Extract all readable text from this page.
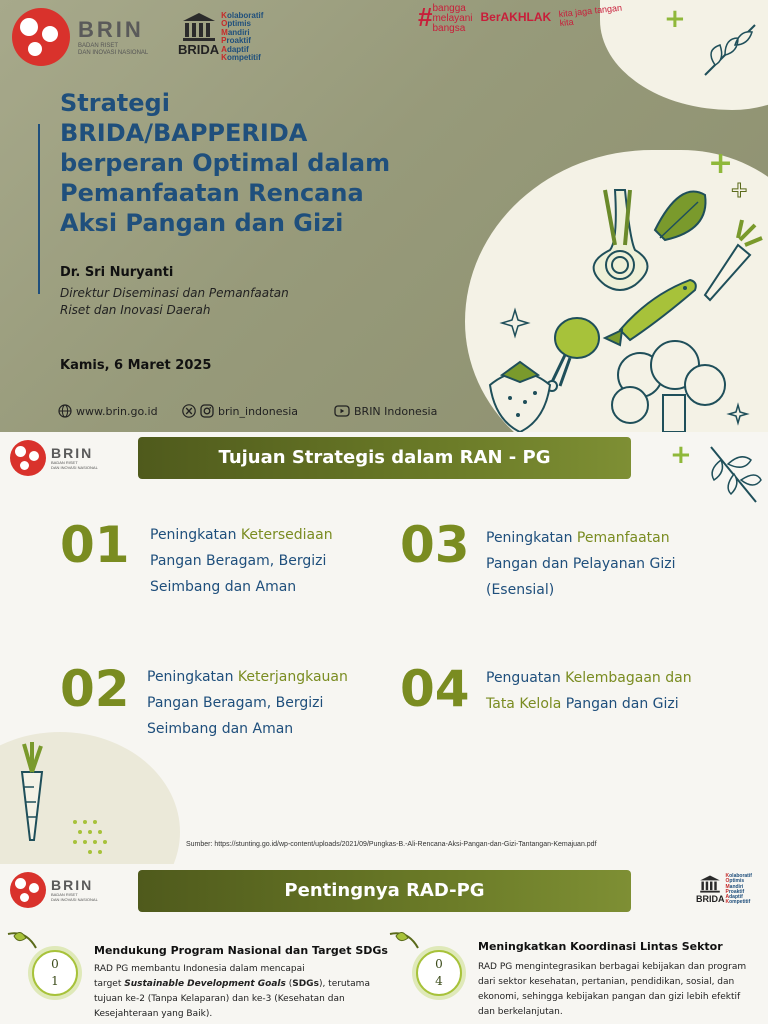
BRIN
BADAN RISET
DAN INOVASI NASIONAL BRIDA
Kolaboratif
Optimis
Mandiri
Proaktif
Adaptif
Kompetitif
# bangga
melayani
bangsa
BerAKHLAK kita jaga tangan kita
Strategi
BRIDA/BAPPERIDA
berperan Optimal dalam
Pemanfaatan Rencana
Aksi Pangan dan Gizi
Dr. Sri Nuryanti
Direktur Diseminasi dan Pemanfaatan
Riset dan Inovasi Daerah
Kamis, 6 Maret 2025
www.brin.go.id	brin_indonesia	BRIN Indonesia
+
+
+
BRIN
BADAN RISET
DAN INOVASI NASIONAL	Tujuan Strategis dalam RAN - PG	+
01 Peningkatan Ketersediaan
Pangan Beragam, Bergizi
Seimbang dan Aman
03 Peningkatan Pemanfaatan
Pangan dan Pelayanan Gizi
(Esensial)
02 Peningkatan Keterjangkauan
Pangan Beragam, Bergizi
Seimbang dan Aman
04 Penguatan Kelembagaan dan
Tata Kelola Pangan dan Gizi
Sumber: https://stunting.go.id/wp-content/uploads/2021/09/Pungkas-B.-Ali-Rencana-Aksi-Pangan-dan-Gizi-Tantangan-Kemajuan.pdf
BRIN
BADAN RISET
DAN INOVASI NASIONAL	Pentingnya RAD-PG	BRIDA
Kolaboratif
Optimis
Mandiri
Proaktif
Adaptif
Kompetitif
0
1
Mendukung Program Nasional dan Target SDGs
RAD PG membantu Indonesia dalam mencapai
target Sustainable Development Goals (SDGs), terutama
tujuan ke-2 (Tanpa Kelaparan) dan ke-3 (Kesehatan dan
Kesejahteraan yang Baik).
0
4
Meningkatkan Koordinasi Lintas Sektor
RAD PG mengintegrasikan berbagai kebijakan dan program
dari sektor kesehatan, pertanian, pendidikan, sosial, dan
ekonomi, sehingga kebijakan pangan dan gizi lebih efektif
dan berkelanjutan.
